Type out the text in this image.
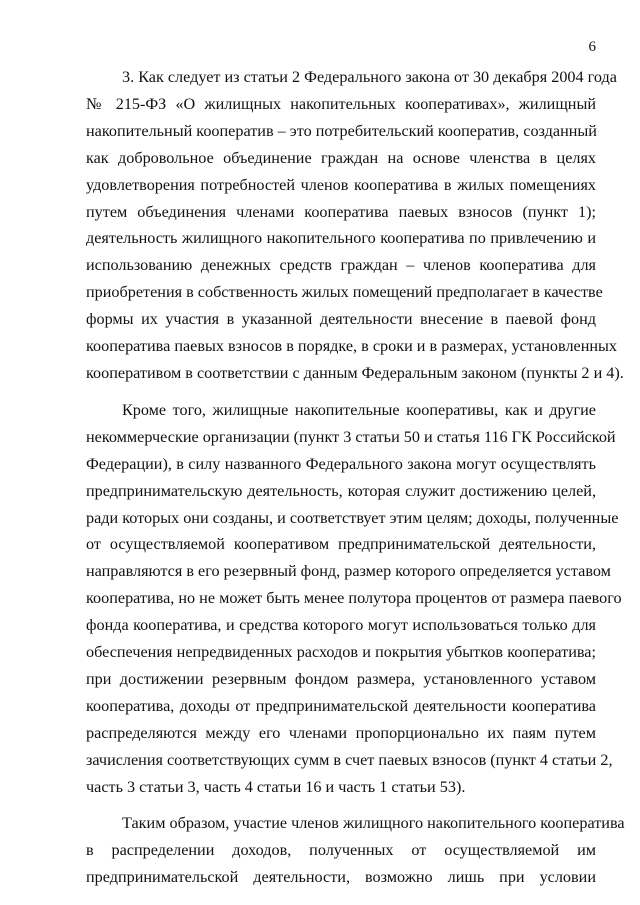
6
3. Как следует из статьи 2 Федерального закона от 30 декабря 2004 года
№ 215-ФЗ «О жилищных накопительных кооперативах», жилищный
накопительный кооператив – это потребительский кооператив, созданный
как добровольное объединение граждан на основе членства в целях
удовлетворения потребностей членов кооператива в жилых помещениях
путем объединения членами кооператива паевых взносов (пункт 1);
деятельность жилищного накопительного кооператива по привлечению и
использованию денежных средств граждан – членов кооператива для
приобретения в собственность жилых помещений предполагает в качестве
формы их участия в указанной деятельности внесение в паевой фонд
кооператива паевых взносов в порядке, в сроки и в размерах, установленных
кооперативом в соответствии с данным Федеральным законом (пункты 2 и 4).
Кроме того, жилищные накопительные кооперативы, как и другие
некоммерческие организации (пункт 3 статьи 50 и статья 116 ГК Российской
Федерации), в силу названного Федерального закона могут осуществлять
предпринимательскую деятельность, которая служит достижению целей,
ради которых они созданы, и соответствует этим целям; доходы, полученные
от осуществляемой кооперативом предпринимательской деятельности,
направляются в его резервный фонд, размер которого определяется уставом
кооператива, но не может быть менее полутора процентов от размера паевого
фонда кооператива, и средства которого могут использоваться только для
обеспечения непредвиденных расходов и покрытия убытков кооператива;
при достижении резервным фондом размера, установленного уставом
кооператива, доходы от предпринимательской деятельности кооператива
распределяются между его членами пропорционально их паям путем
зачисления соответствующих сумм в счет паевых взносов (пункт 4 статьи 2,
часть 3 статьи 3, часть 4 статьи 16 и часть 1 статьи 53).
Таким образом, участие членов жилищного накопительного кооператива
в распределении доходов, полученных от осуществляемой им
предпринимательской деятельности, возможно лишь при условии
